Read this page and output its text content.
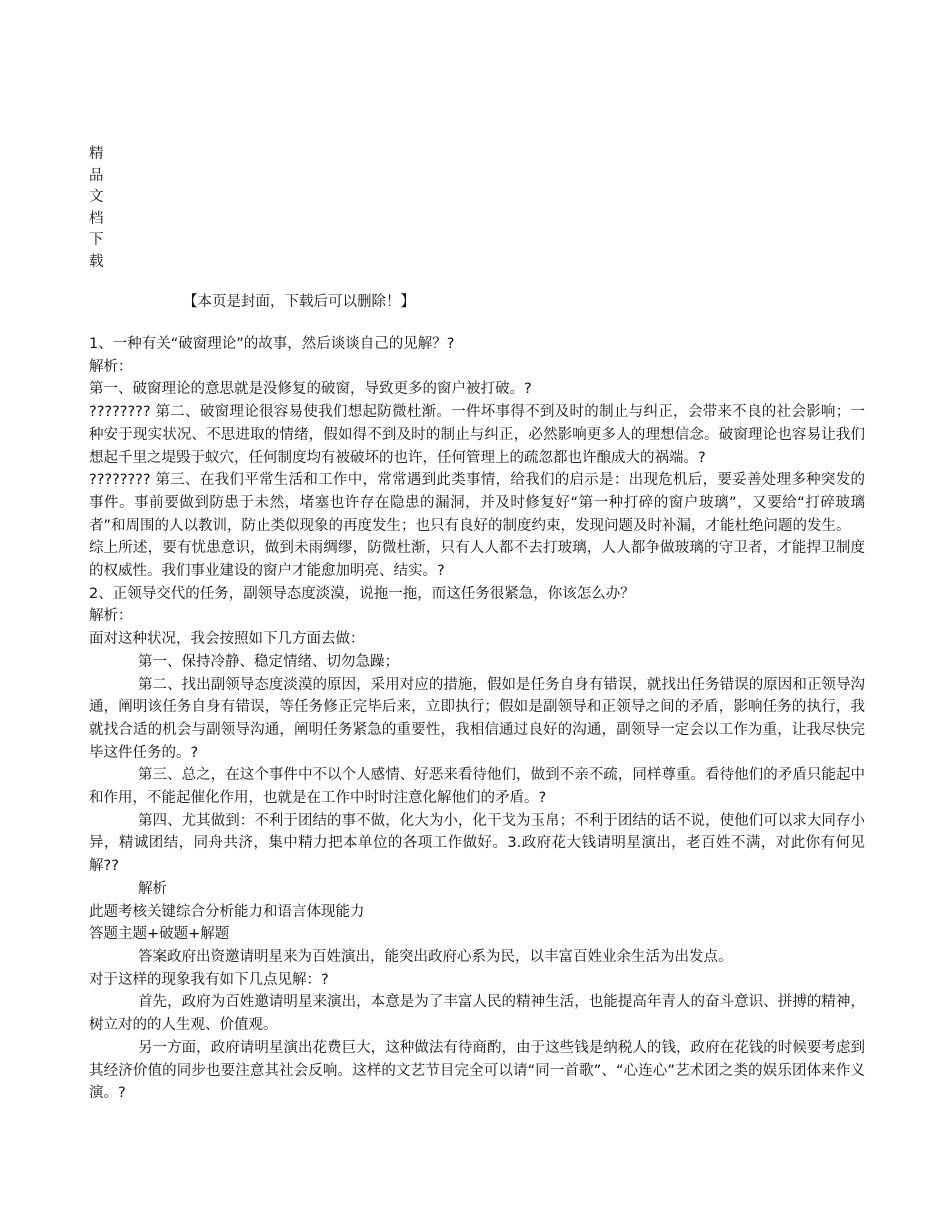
精
品
文
档
下
载
【本页是封面，下载后可以删除！】

1、一种有关“破窗理论”的故事，然后谈谈自己的见解？?

解析：

第一、破窗理论的意思就是没修复的破窗，导致更多的窗户被打破。?

???????? 第二、破窗理论很容易使我们想起防微杜渐。一件坏事得不到及时的制止与纠正，会带来不良的社会影响；一种安于现实状况、不思进取的情绪，假如得不到及时的制止与纠正，必然影响更多人的理想信念。破窗理论也容易让我们想起千里之堤毁于蚁穴，任何制度均有被破坏的也许，任何管理上的疏忽都也许酿成大的祸端。?

???????? 第三、在我们平常生活和工作中，常常遇到此类事情，给我们的启示是：出现危机后，要妥善处理多种突发的事件。事前要做到防患于未然，堵塞也许存在隐患的漏洞，并及时修复好“第一种打碎的窗户玻璃”，又要给“打碎玻璃者”和周围的人以教训，防止类似现象的再度发生；也只有良好的制度约束，发现问题及时补漏，才能杜绝问题的发生。

综上所述，要有忧患意识，做到未雨绸缪，防微杜渐，只有人人都不去打玻璃，人人都争做玻璃的守卫者，才能捍卫制度的权威性。我们事业建设的窗户才能愈加明亮、结实。?

2、正领导交代的任务，副领导态度淡漠，说拖一拖，而这任务很紧急，你该怎么办？

解析：

面对这种状况，我会按照如下几方面去做：

第一、保持冷静、稳定情绪、切勿急躁；

第二、找出副领导态度淡漠的原因，采用对应的措施，假如是任务自身有错误，就找出任务错误的原因和正领导沟通，阐明该任务自身有错误，等任务修正完毕后来，立即执行；假如是副领导和正领导之间的矛盾，影响任务的执行，我就找合适的机会与副领导沟通，阐明任务紧急的重要性，我相信通过良好的沟通，副领导一定会以工作为重，让我尽快完毕这件任务的。?

第三、总之，在这个事件中不以个人感情、好恶来看待他们，做到不亲不疏，同样尊重。看待他们的矛盾只能起中和作用，不能起催化作用，也就是在工作中时时注意化解他们的矛盾。?

第四、尤其做到：不利于团结的事不做，化大为小，化干戈为玉帛；不利于团结的话不说，使他们可以求大同存小异，精诚团结，同舟共济，集中精力把本单位的各项工作做好。3.政府花大钱请明星演出，老百姓不满，对此你有何见解??

解析

此题考核关键综合分析能力和语言体现能力

答题主题+破题+解题

答案政府出资邀请明星来为百姓演出，能突出政府心系为民，以丰富百姓业余生活为出发点。

对于这样的现象我有如下几点见解：?

首先，政府为百姓邀请明星来演出，本意是为了丰富人民的精神生活，也能提高年青人的奋斗意识、拼搏的精神，树立对的的人生观、价值观。

另一方面，政府请明星演出花费巨大，这种做法有待商酌，由于这些钱是纳税人的钱，政府在花钱的时候要考虑到其经济价值的同步也要注意其社会反响。这样的文艺节目完全可以请“同一首歌”、“心连心”艺术团之类的娱乐团体来作义演。?
